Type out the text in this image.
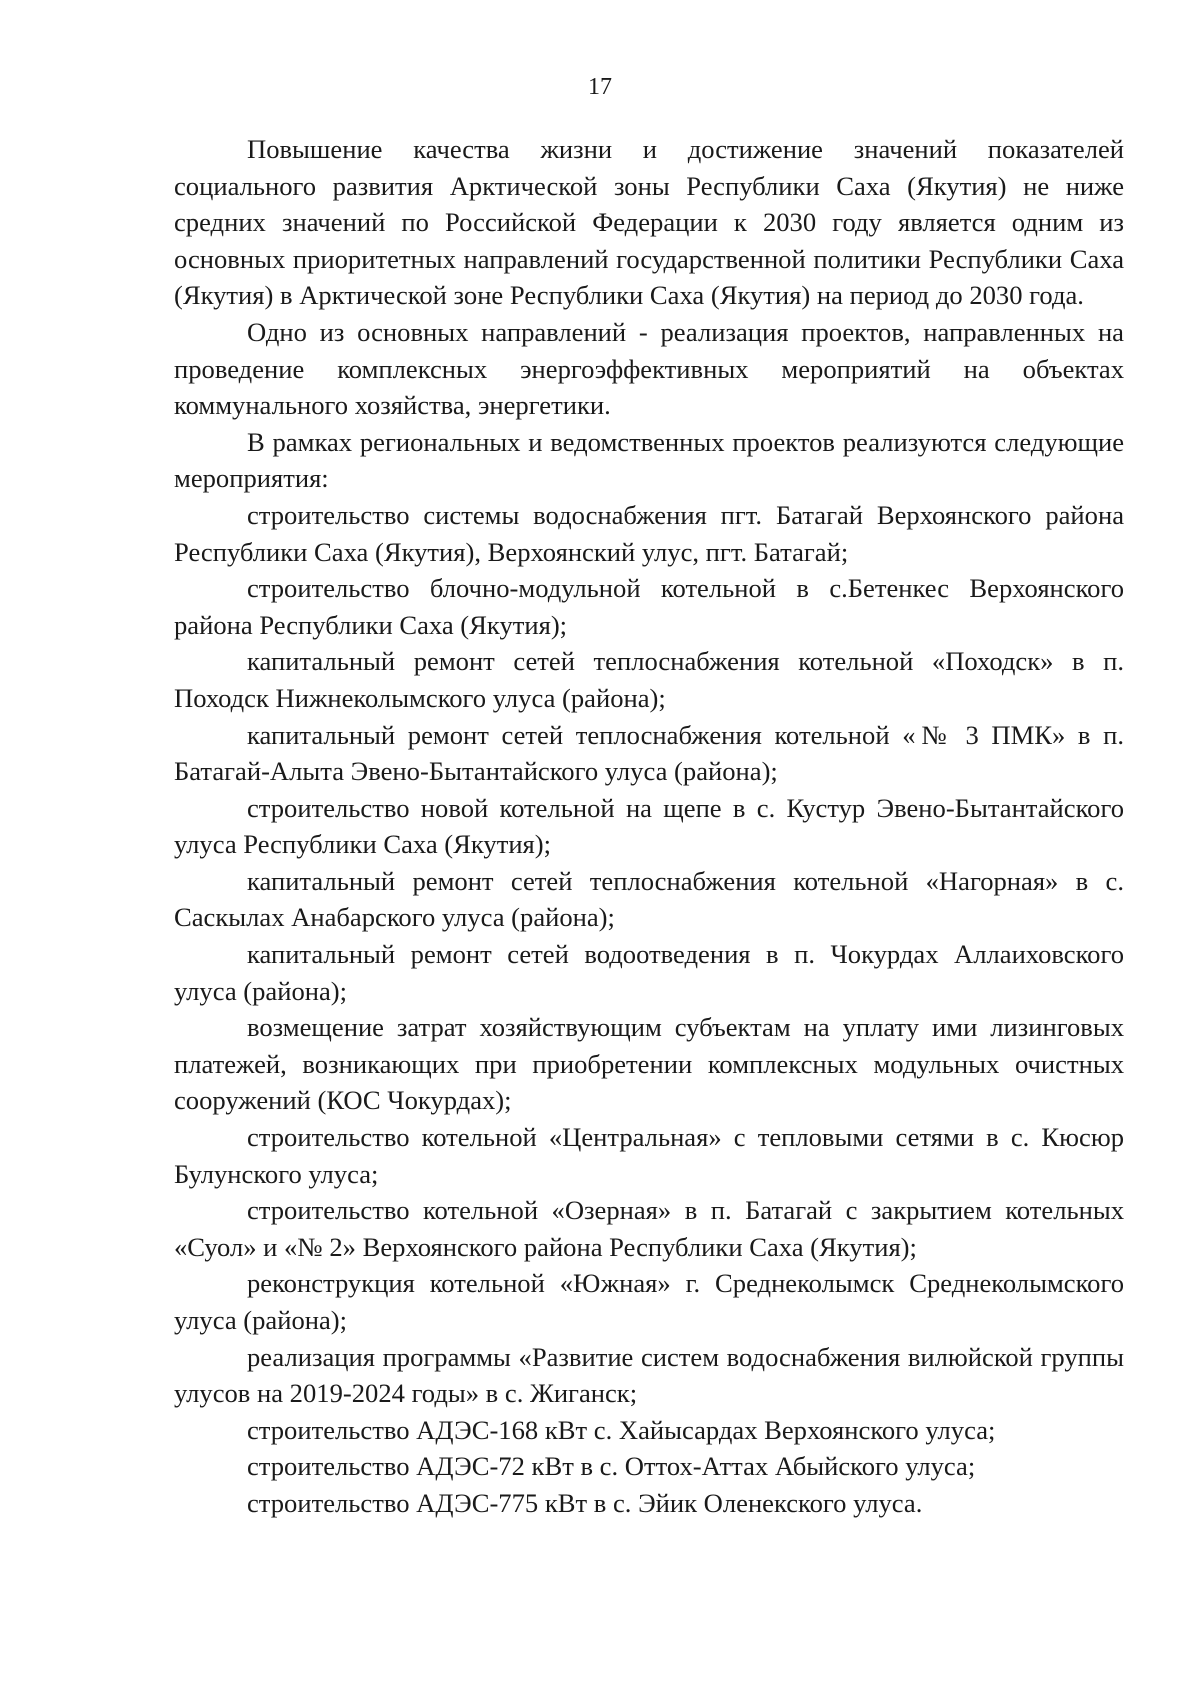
17

Повышение качества жизни и достижение значений показателей социального развития Арктической зоны Республики Саха (Якутия) не ниже средних значений по Российской Федерации к 2030 году является одним из основных приоритетных направлений государственной политики Республики Саха (Якутия) в Арктической зоне Республики Саха (Якутия) на период до 2030 года.

Одно из основных направлений - реализация проектов, направленных на проведение комплексных энергоэффективных мероприятий на объектах коммунального хозяйства, энергетики.

В рамках региональных и ведомственных проектов реализуются следующие мероприятия:

строительство системы водоснабжения пгт. Батагай Верхоянского района Республики Саха (Якутия), Верхоянский улус, пгт. Батагай;

строительство блочно-модульной котельной в с.Бетенкес Верхоянского района Республики Саха (Якутия);

капитальный ремонт сетей теплоснабжения котельной «Походск» в п. Походск Нижнеколымского улуса (района);

капитальный ремонт сетей теплоснабжения котельной «№ 3 ПМК» в п. Батагай-Алыта Эвено-Бытантайского улуса (района);

строительство новой котельной на щепе в с. Кустур Эвено-Бытантайского улуса Республики Саха (Якутия);

капитальный ремонт сетей теплоснабжения котельной «Нагорная» в с. Саскылах Анабарского улуса (района);

капитальный ремонт сетей водоотведения в п. Чокурдах Аллаиховского улуса (района);

возмещение затрат хозяйствующим субъектам на уплату ими лизинговых платежей, возникающих при приобретении комплексных модульных очистных сооружений (КОС Чокурдах);

строительство котельной «Центральная» с тепловыми сетями в с. Кюсюр Булунского улуса;

строительство котельной «Озерная» в п. Батагай с закрытием котельных «Суол» и «№ 2» Верхоянского района Республики Саха (Якутия);

реконструкция котельной «Южная» г. Среднеколымск Среднеколымского улуса (района);

реализация программы «Развитие систем водоснабжения вилюйской группы улусов на 2019-2024 годы» в с. Жиганск;

строительство АДЭС-168 кВт с. Хайысардах Верхоянского улуса;

строительство АДЭС-72 кВт в с. Оттох-Аттах Абыйского улуса;

строительство АДЭС-775 кВт в с. Эйик Оленекского улуса.
